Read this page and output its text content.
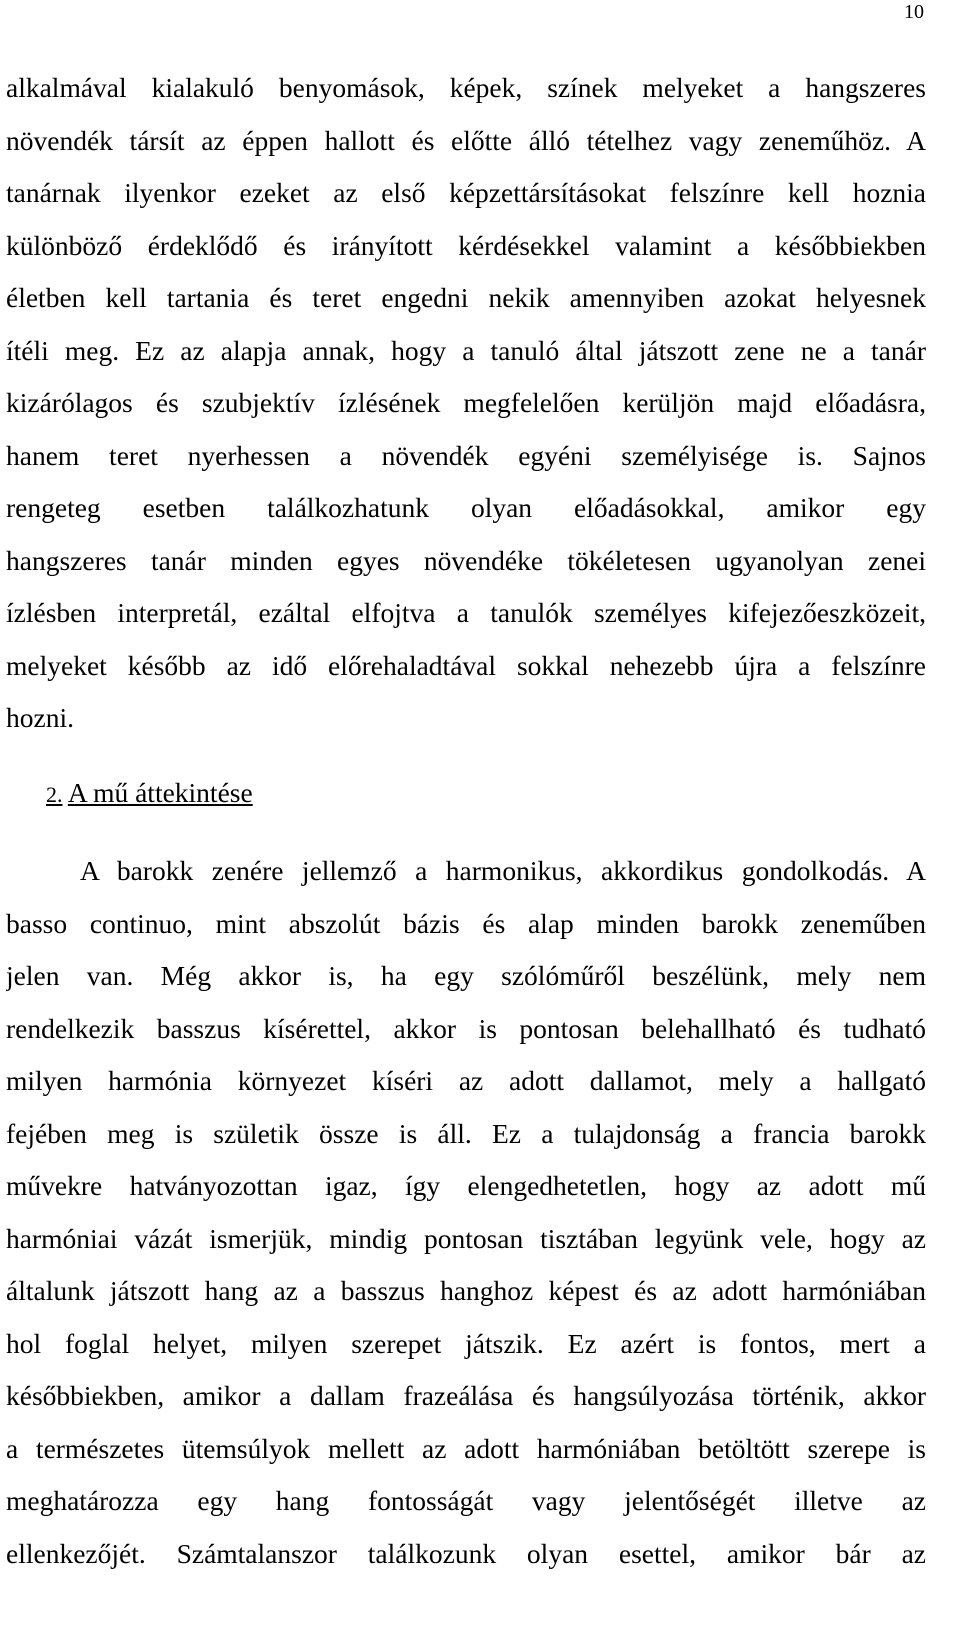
10
alkalmával kialakuló benyomások, képek, színek melyeket a hangszeres
növendék társít az éppen hallott és előtte álló tételhez vagy zeneműhöz. A
tanárnak ilyenkor ezeket az első képzettársításokat felszínre kell hoznia
különböző érdeklődő és irányított kérdésekkel valamint a későbbiekben
életben kell tartania és teret engedni nekik amennyiben azokat helyesnek
ítéli meg. Ez az alapja annak, hogy a tanuló által játszott zene ne a tanár
kizárólagos és szubjektív ízlésének megfelelően kerüljön majd előadásra,
hanem teret nyerhessen a növendék egyéni személyisége is. Sajnos
rengeteg esetben találkozhatunk olyan előadásokkal, amikor egy
hangszeres tanár minden egyes növendéke tökéletesen ugyanolyan zenei
ízlésben interpretál, ezáltal elfojtva a tanulók személyes kifejezőeszközeit,
melyeket később az idő előrehaladtával sokkal nehezebb újra a felszínre
hozni.
2. A mű áttekintése
A barokk zenére jellemző a harmonikus, akkordikus gondolkodás. A
basso continuo, mint abszolút bázis és alap minden barokk zeneműben
jelen van. Még akkor is, ha egy szólóműről beszélünk, mely nem
rendelkezik basszus kísérettel, akkor is pontosan belehallható és tudható
milyen harmónia környezet kíséri az adott dallamot, mely a hallgató
fejében meg is születik össze is áll. Ez a tulajdonság a francia barokk
művekre hatványozottan igaz, így elengedhetetlen, hogy az adott mű
harmóniai vázát ismerjük, mindig pontosan tisztában legyünk vele, hogy az
általunk játszott hang az a basszus hanghoz képest és az adott harmóniában
hol foglal helyet, milyen szerepet játszik. Ez azért is fontos, mert a
későbbiekben, amikor a dallam frazeálása és hangsúlyozása történik, akkor
a természetes ütemsúlyok mellett az adott harmóniában betöltött szerepe is
meghatározza egy hang fontosságát vagy jelentőségét illetve az
ellenkezőjét. Számtalanszor találkozunk olyan esettel, amikor bár az
